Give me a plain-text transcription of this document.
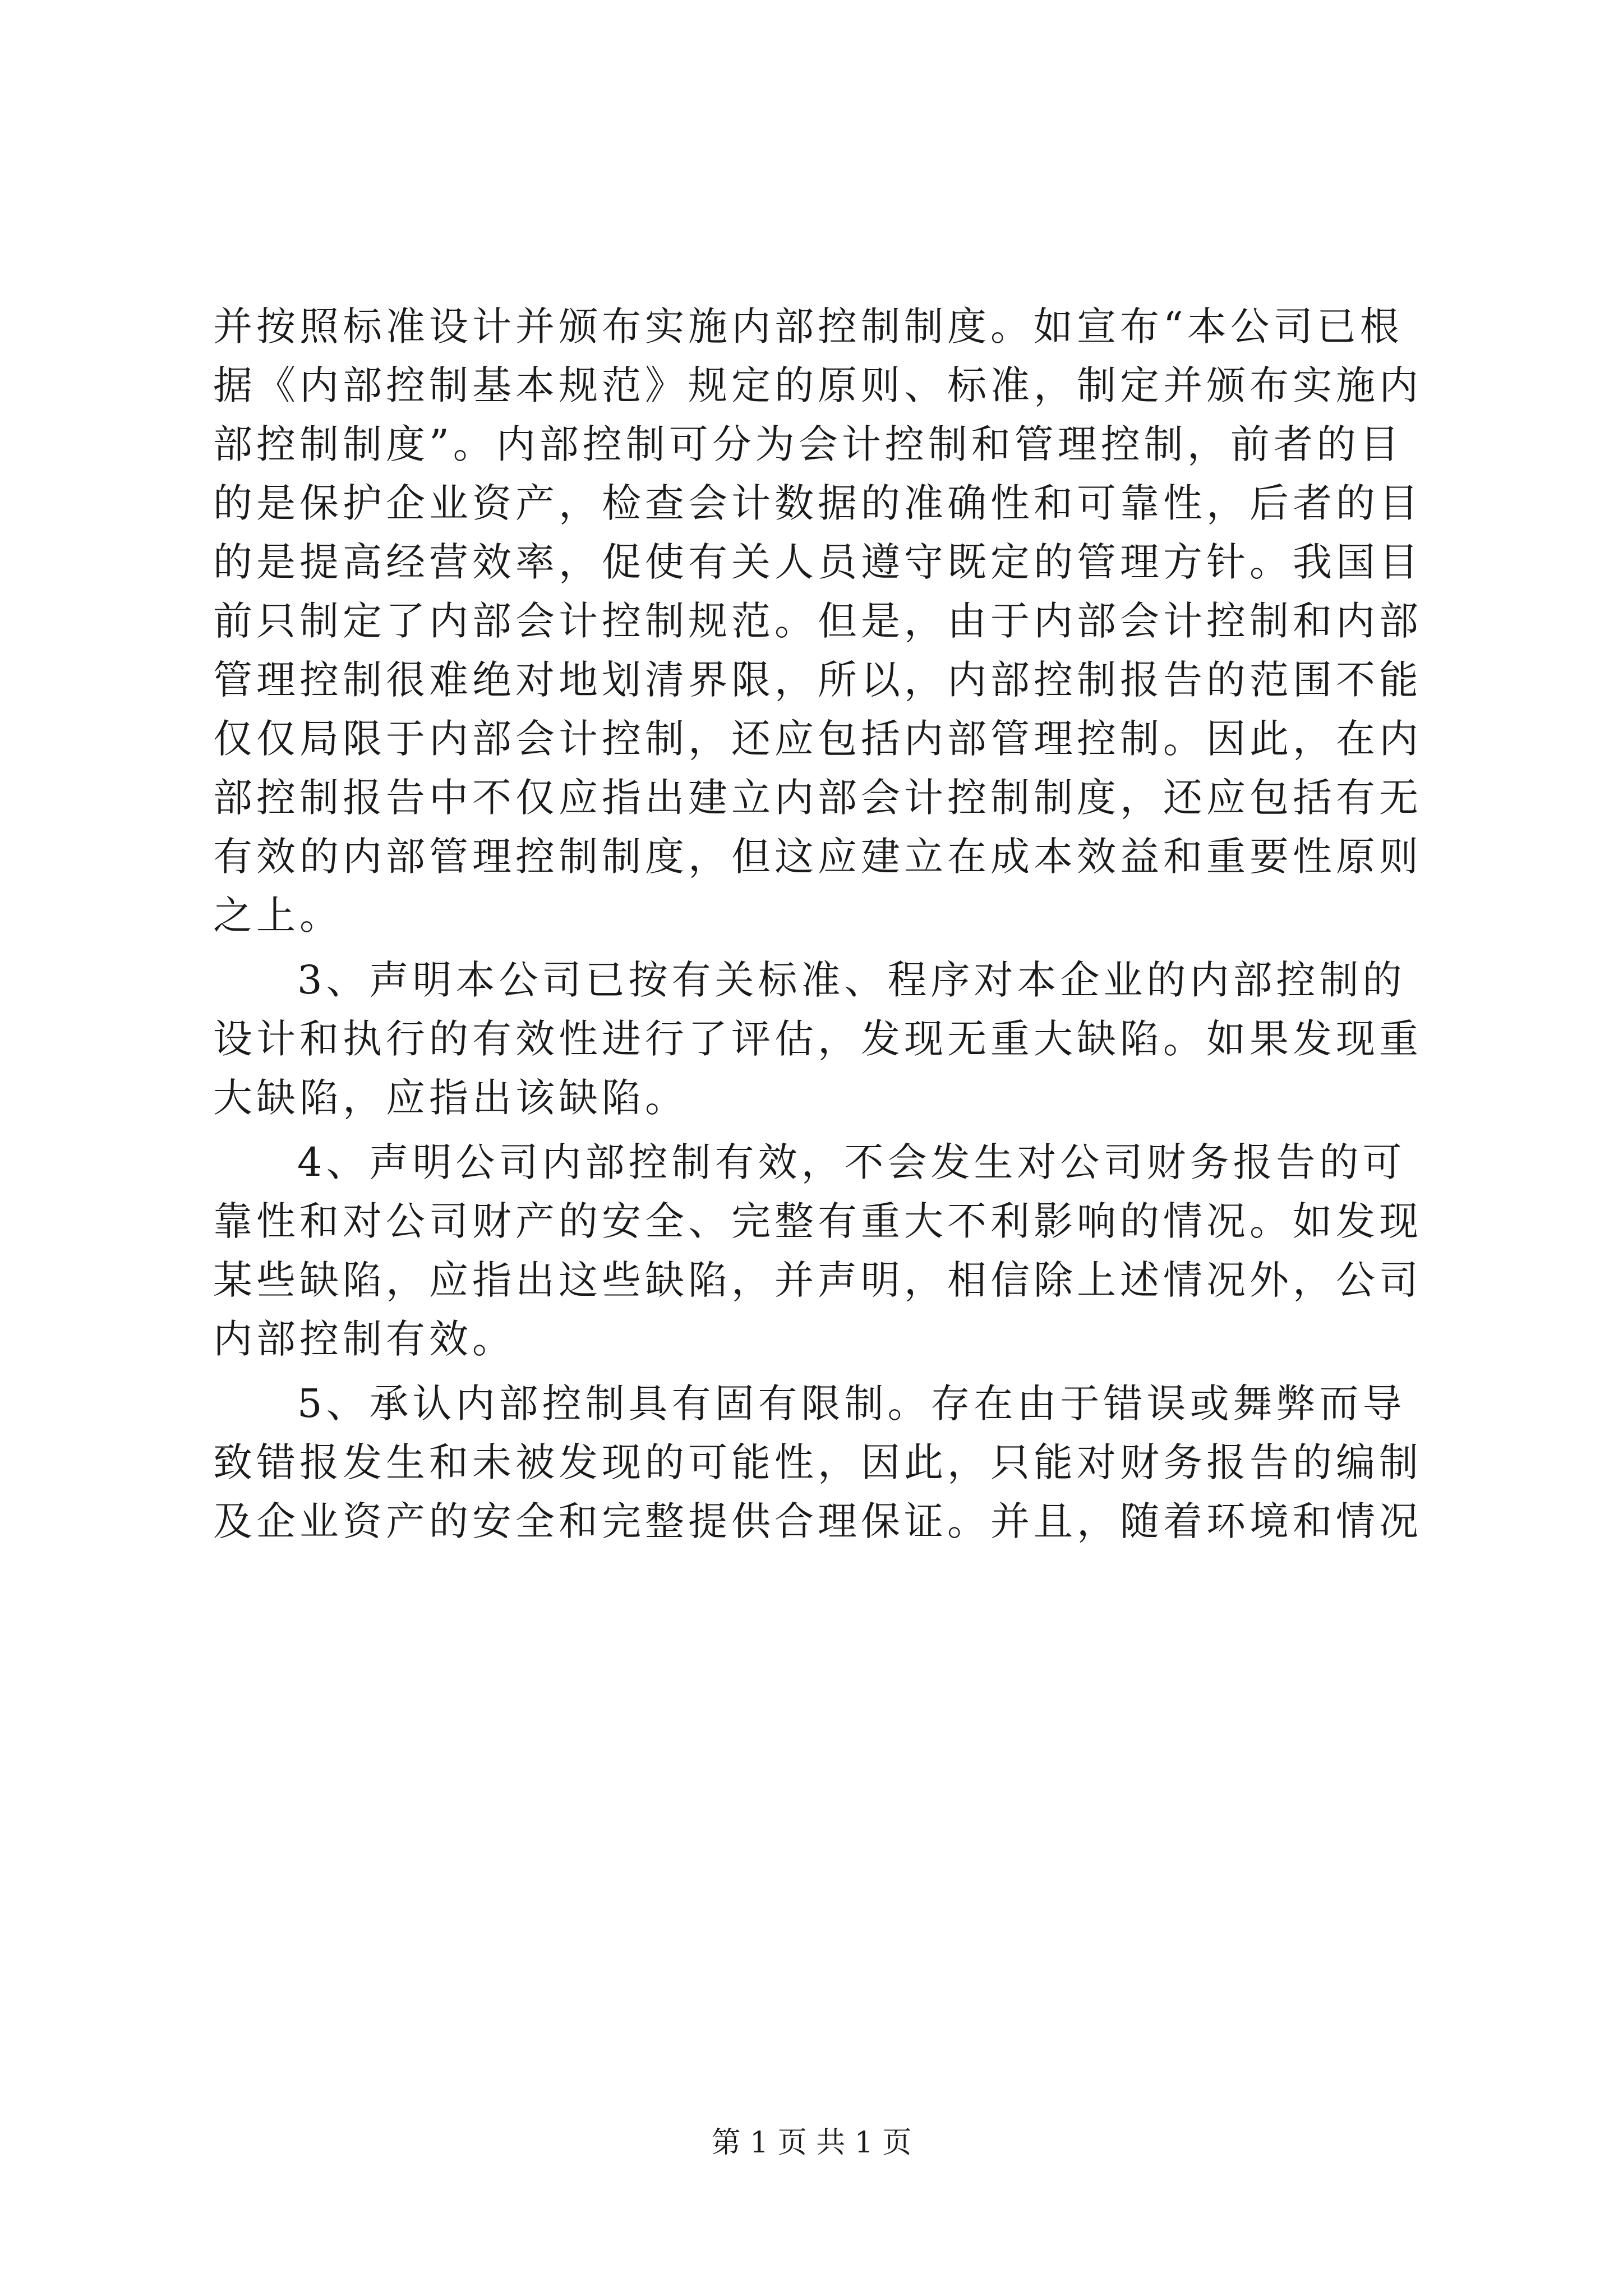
并按照标准设计并颁布实施内部控制制度。如宣布“本公司已根
据《内部控制基本规范》规定的原则、标准，制定并颁布实施内
部控制制度”。内部控制可分为会计控制和管理控制，前者的目
的是保护企业资产，检查会计数据的准确性和可靠性，后者的目
的是提高经营效率，促使有关人员遵守既定的管理方针。我国目
前只制定了内部会计控制规范。但是，由于内部会计控制和内部
管理控制很难绝对地划清界限，所以，内部控制报告的范围不能
仅仅局限于内部会计控制，还应包括内部管理控制。因此，在内
部控制报告中不仅应指出建立内部会计控制制度，还应包括有无
有效的内部管理控制制度，但这应建立在成本效益和重要性原则
之上。
3、声明本公司已按有关标准、程序对本企业的内部控制的
设计和执行的有效性进行了评估，发现无重大缺陷。如果发现重
大缺陷，应指出该缺陷。
4、声明公司内部控制有效，不会发生对公司财务报告的可
靠性和对公司财产的安全、完整有重大不利影响的情况。如发现
某些缺陷，应指出这些缺陷，并声明，相信除上述情况外，公司
内部控制有效。
5、承认内部控制具有固有限制。存在由于错误或舞弊而导
致错报发生和未被发现的可能性，因此，只能对财务报告的编制
及企业资产的安全和完整提供合理保证。并且，随着环境和情况
第 1 页 共 1 页
